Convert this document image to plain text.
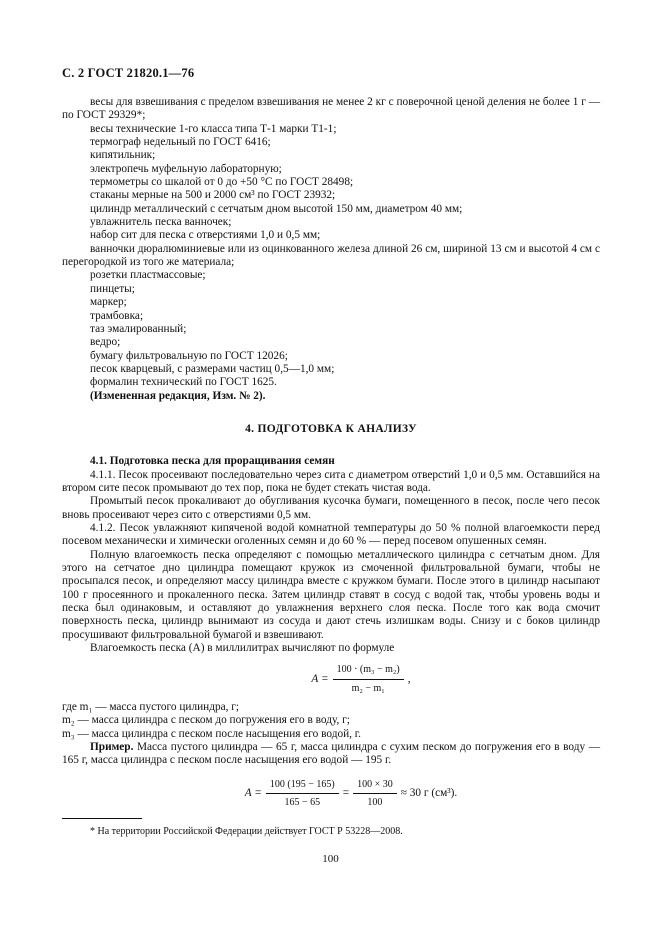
С. 2 ГОСТ 21820.1—76

весы для взвешивания с пределом взвешивания не менее 2 кг с поверочной ценой деления не более 1 г — по ГОСТ 29329*;

весы технические 1-го класса типа Т-1 марки Т1-1;

термограф недельный по ГОСТ 6416;

кипятильник;

электропечь муфельную лабораторную;

термометры со шкалой от 0 до +50 °С по ГОСТ 28498;

стаканы мерные на 500 и 2000 см³ по ГОСТ 23932;

цилиндр металлический с сетчатым дном высотой 150 мм, диаметром 40 мм;

увлажнитель песка ванночек;

набор сит для песка с отверстиями 1,0 и 0,5 мм;

ванночки дюралюминиевые или из оцинкованного железа длиной 26 см, шириной 13 см и высотой 4 см с перегородкой из того же материала;

розетки пластмассовые;

пинцеты;

маркер;

трамбовка;

таз эмалированный;

ведро;

бумагу фильтровальную по ГОСТ 12026;

песок кварцевый, с размерами частиц 0,5—1,0 мм;

формалин технический по ГОСТ 1625.

(Измененная редакция, Изм. № 2).

4. ПОДГОТОВКА К АНАЛИЗУ

4.1. Подготовка песка для проращивания семян

4.1.1. Песок просеивают последовательно через сита с диаметром отверстий 1,0 и 0,5 мм. Оставшийся на втором сите песок промывают до тех пор, пока не будет стекать чистая вода.

Промытый песок прокаливают до обугливания кусочка бумаги, помещенного в песок, после чего песок вновь просеивают через сито с отверстиями 0,5 мм.

4.1.2. Песок увлажняют кипяченой водой комнатной температуры до 50 % полной влагоемкости перед посевом механически и химически оголенных семян и до 60 % — перед посевом опушенных семян.

Полную влагоемкость песка определяют с помощью металлического цилиндра с сетчатым дном. Для этого на сетчатое дно цилиндра помещают кружок из смоченной фильтровальной бумаги, чтобы не просыпался песок, и определяют массу цилиндра вместе с кружком бумаги. После этого в цилиндр насыпают 100 г просеянного и прокаленного песка. Затем цилиндр ставят в сосуд с водой так, чтобы уровень воды и песка был одинаковым, и оставляют до увлажнения верхнего слоя песка. После того как вода смочит поверхность песка, цилиндр вынимают из сосуда и дают стечь излишкам воды. Снизу и с боков цилиндр просушивают фильтровальной бумагой и взвешивают.

Влагоемкость песка (А) в миллилитрах вычисляют по формуле

$A = \frac{\text{100 · (m₃ − m₂)}}{\text{m₂ − m₁}}$ ,

где m₁ — масса пустого цилиндра, г;

m₂ — масса цилиндра с песком до погружения его в воду, г;

m₃ — масса цилиндра с песком после насыщения его водой, г.

Пример. Масса пустого цилиндра — 65 г, масса цилиндра с сухим песком до погружения его в воду — 165 г, масса цилиндра с песком после насыщения его водой — 195 г.

$A = \frac{100 (195 - 165)}{165 - 65} = \frac{100 \times 30}{100} \approx 30$ г (см³).
* На территории Российской Федерации действует ГОСТ Р 53228—2008.
100
